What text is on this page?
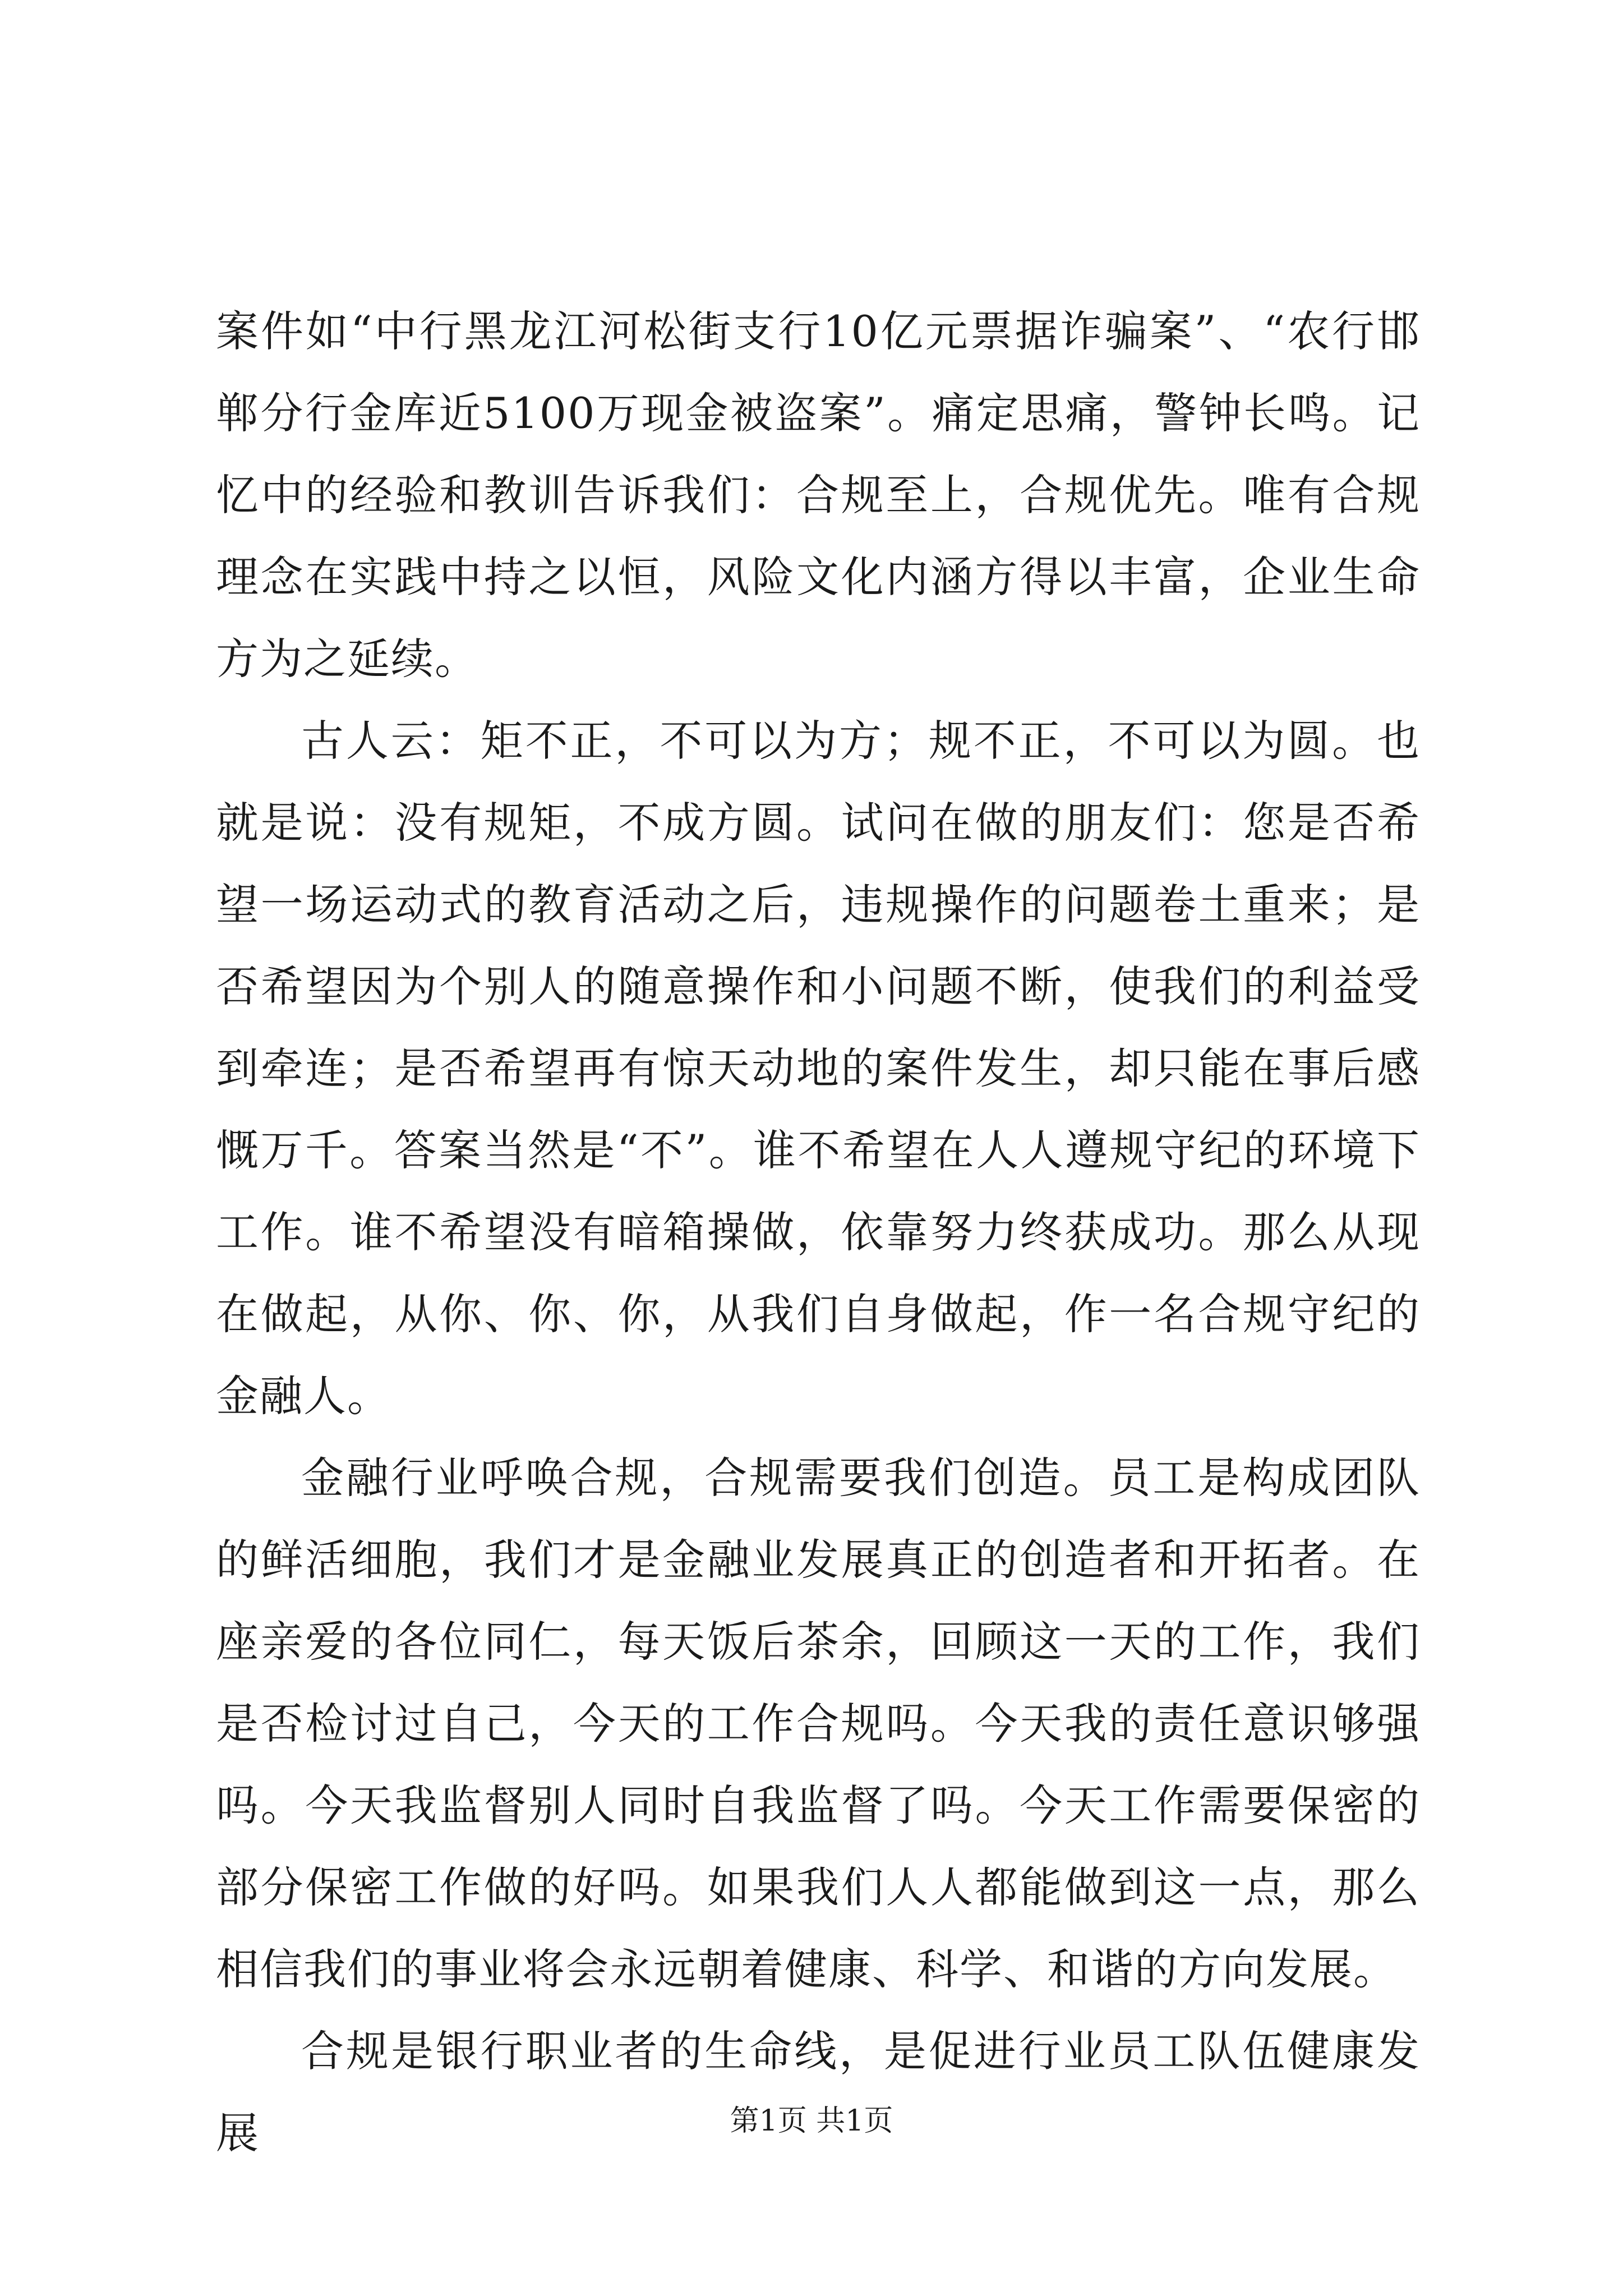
案件如“中行黑龙江河松街支行10亿元票据诈骗案”、“农行邯郸分行金库近5100万现金被盗案”。痛定思痛，警钟长鸣。记忆中的经验和教训告诉我们：合规至上，合规优先。唯有合规理念在实践中持之以恒，风险文化内涵方得以丰富，企业生命方为之延续。

古人云：矩不正，不可以为方；规不正，不可以为圆。也就是说：没有规矩，不成方圆。试问在做的朋友们：您是否希望一场运动式的教育活动之后，违规操作的问题卷土重来；是否希望因为个别人的随意操作和小问题不断，使我们的利益受到牵连；是否希望再有惊天动地的案件发生，却只能在事后感慨万千。答案当然是“不”。谁不希望在人人遵规守纪的环境下工作。谁不希望没有暗箱操做，依靠努力终获成功。那么从现在做起，从你、你、你，从我们自身做起，作一名合规守纪的金融人。

金融行业呼唤合规，合规需要我们创造。员工是构成团队的鲜活细胞，我们才是金融业发展真正的创造者和开拓者。在座亲爱的各位同仁，每天饭后茶余，回顾这一天的工作，我们是否检讨过自己，今天的工作合规吗。今天我的责任意识够强吗。今天我监督别人同时自我监督了吗。今天工作需要保密的部分保密工作做的好吗。如果我们人人都能做到这一点，那么相信我们的事业将会永远朝着健康、科学、和谐的方向发展。

合规是银行职业者的生命线，是促进行业员工队伍健康发展	第1页 共1页
